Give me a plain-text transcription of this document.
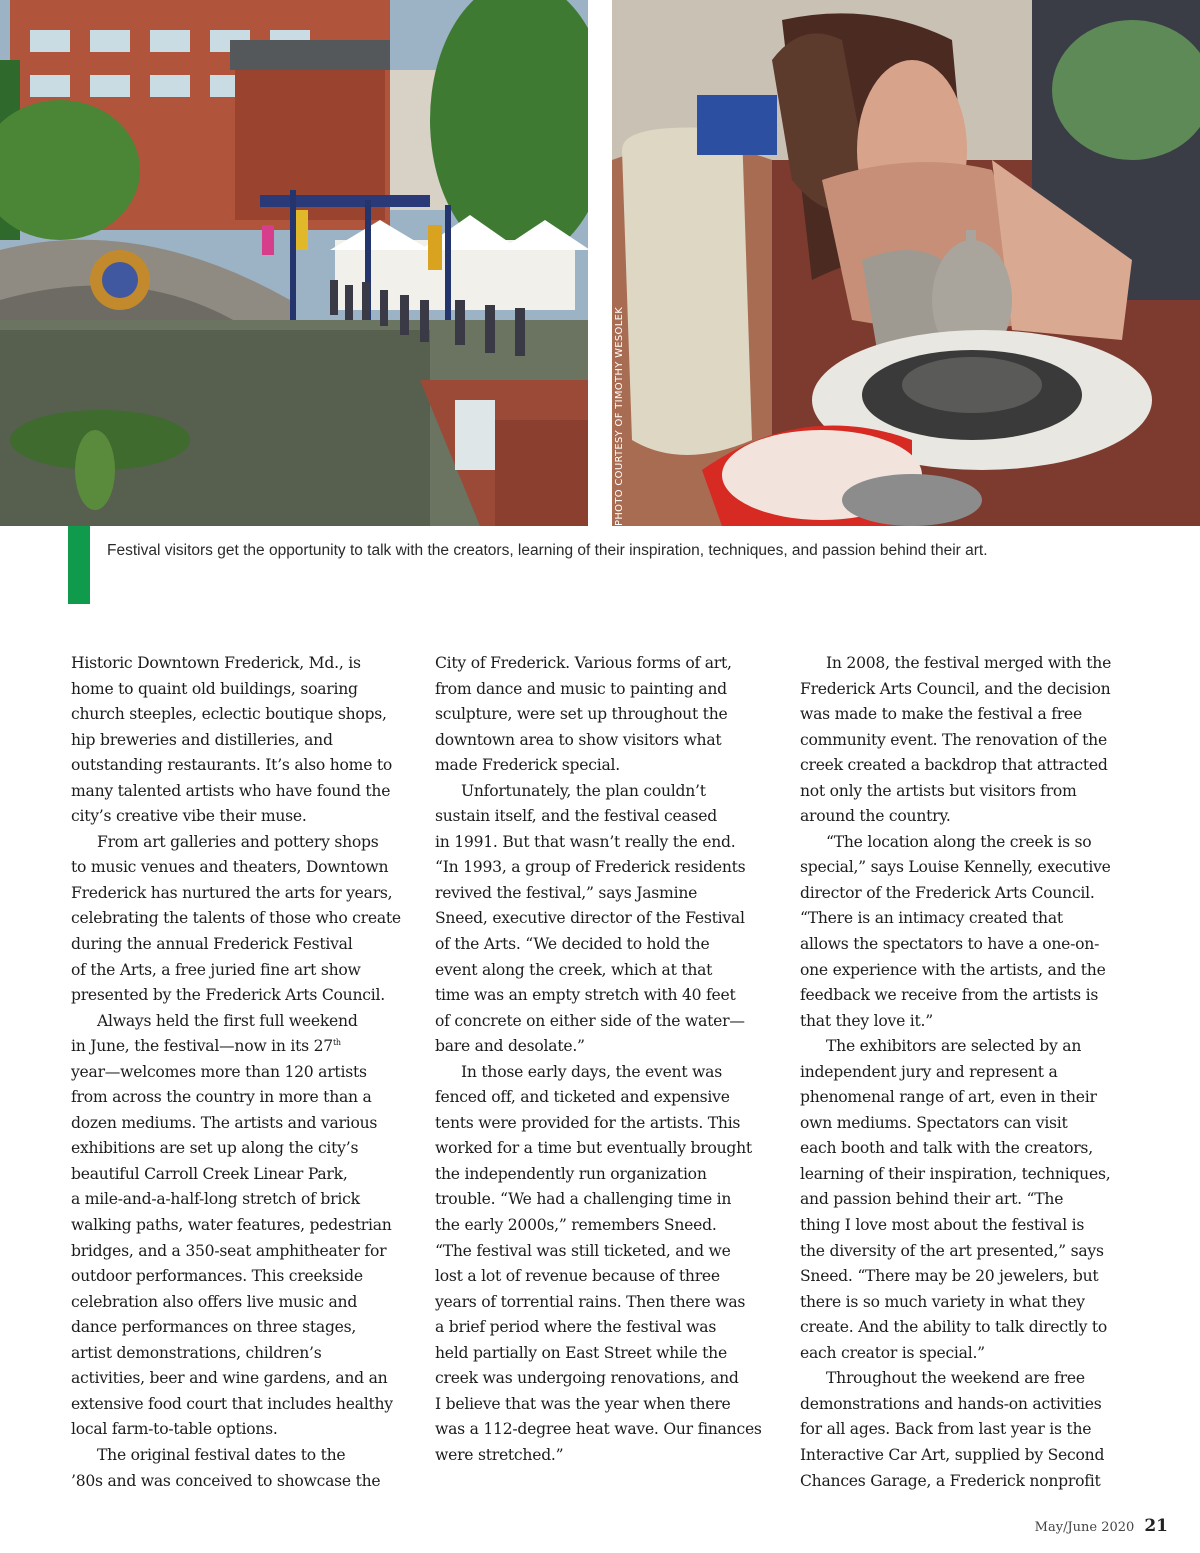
PHOTO COURTESY OF TIMOTHY WESOLEK
Festival visitors get the opportunity to talk with the creators, learning of their inspiration, techniques, and passion behind their art.

Historic Downtown Frederick, Md., is
home to quaint old buildings, soaring
church steeples, eclectic boutique shops,
hip breweries and distilleries, and
outstanding restaurants. It’s also home to
many talented artists who have found the
city’s creative vibe their muse.

From art galleries and pottery shops
to music venues and theaters, Downtown
Frederick has nurtured the arts for years,
celebrating the talents of those who create
during the annual Frederick Festival
of the Arts, a free juried fine art show
presented by the Frederick Arts Council.

Always held the first full weekend
in June, the festival—now in its 27th
year—welcomes more than 120 artists
from across the country in more than a
dozen mediums. The artists and various
exhibitions are set up along the city’s
beautiful Carroll Creek Linear Park,
a mile-and-a-half-long stretch of brick
walking paths, water features, pedestrian
bridges, and a 350-seat amphitheater for
outdoor performances. This creekside
celebration also offers live music and
dance performances on three stages,
artist demonstrations, children’s
activities, beer and wine gardens, and an
extensive food court that includes healthy
local farm-to-table options.

The original festival dates to the
’80s and was conceived to showcase the

City of Frederick. Various forms of art,
from dance and music to painting and
sculpture, were set up throughout the
downtown area to show visitors what
made Frederick special.

Unfortunately, the plan couldn’t
sustain itself, and the festival ceased
in 1991. But that wasn’t really the end.
“In 1993, a group of Frederick residents
revived the festival,” says Jasmine
Sneed, executive director of the Festival
of the Arts. “We decided to hold the
event along the creek, which at that
time was an empty stretch with 40 feet
of concrete on either side of the water—
bare and desolate.”

In those early days, the event was
fenced off, and ticketed and expensive
tents were provided for the artists. This
worked for a time but eventually brought
the independently run organization
trouble. “We had a challenging time in
the early 2000s,” remembers Sneed.
“The festival was still ticketed, and we
lost a lot of revenue because of three
years of torrential rains. Then there was
a brief period where the festival was
held partially on East Street while the
creek was undergoing renovations, and
I believe that was the year when there
was a 112-degree heat wave. Our finances
were stretched.”

In 2008, the festival merged with the
Frederick Arts Council, and the decision
was made to make the festival a free
community event. The renovation of the
creek created a backdrop that attracted
not only the artists but visitors from
around the country.

“The location along the creek is so
special,” says Louise Kennelly, executive
director of the Frederick Arts Council.
“There is an intimacy created that
allows the spectators to have a one-on-
one experience with the artists, and the
feedback we receive from the artists is
that they love it.”

The exhibitors are selected by an
independent jury and represent a
phenomenal range of art, even in their
own mediums. Spectators can visit
each booth and talk with the creators,
learning of their inspiration, techniques,
and passion behind their art. “The
thing I love most about the festival is
the diversity of the art presented,” says
Sneed. “There may be 20 jewelers, but
there is so much variety in what they
create. And the ability to talk directly to
each creator is special.”

Throughout the weekend are free
demonstrations and hands-on activities
for all ages. Back from last year is the
Interactive Car Art, supplied by Second
Chances Garage, a Frederick nonprofit

May/June 2020 21
